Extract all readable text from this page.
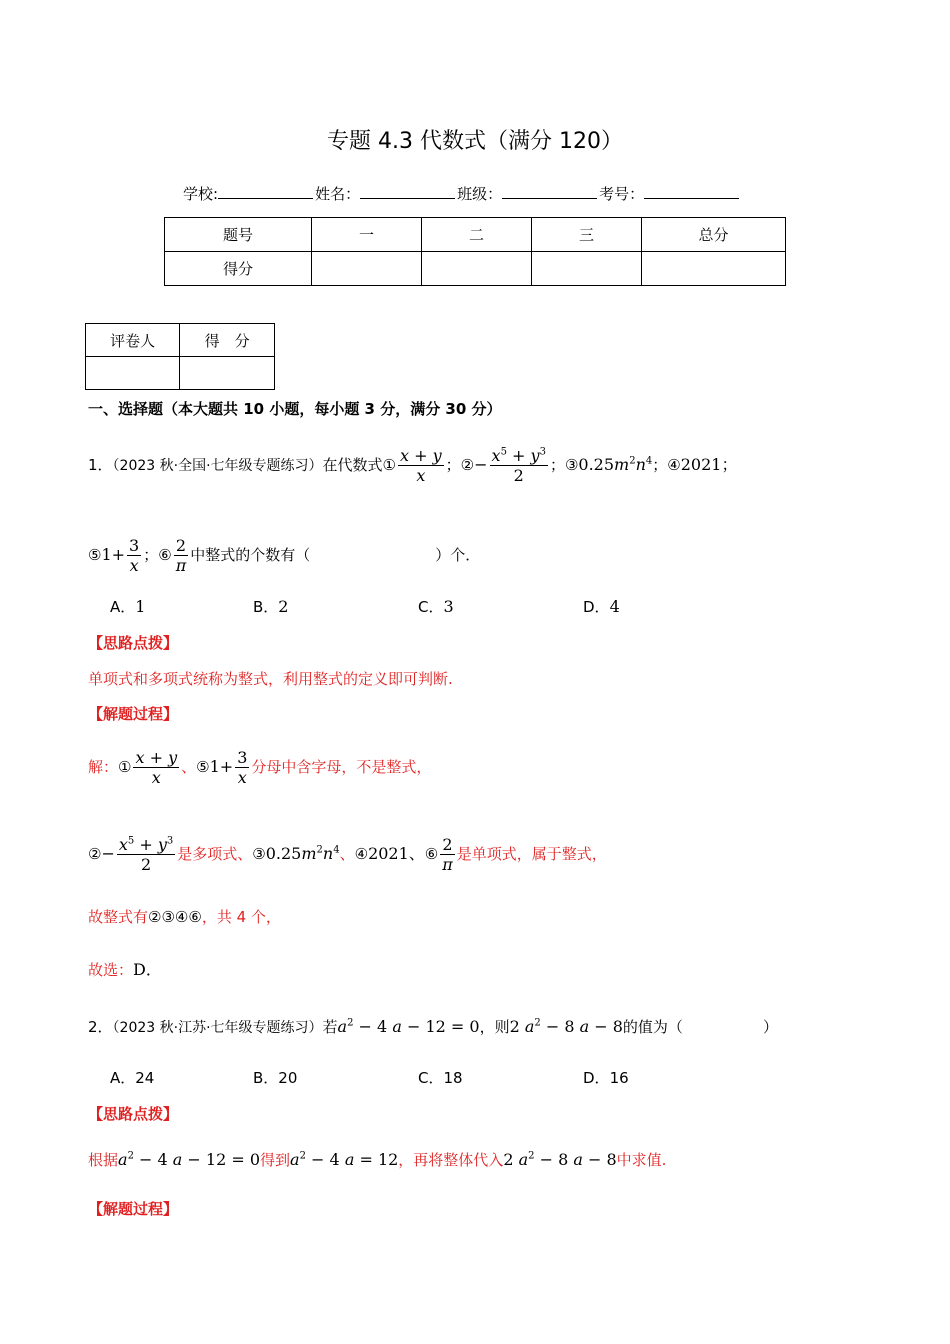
专题 4.3 代数式（满分 120）
学校:	姓名：	班级：	考号：
题号	一	二	三	总分
得分				
评卷人	得　分

一、选择题（本大题共 10 小题，每小题 3 分，满分 30 分）
1．（2023 秋·全国·七年级专题练习）在代数式① $\frac{x + y}{x}$ ；②− $\frac{x^5 + y^3}{2}$ ；$③0.25m^2n^4$；④2021；
⑤1+ $\frac{3}{x}$ ；⑥ $\frac{2}{\pi}$ 中整式的个数有（	）个．
A．1	B．2	C．3	D．4
【思路点拨】
单项式和多项式统称为整式，利用整式的定义即可判断.
【解题过程】
解：① $\frac{x + y}{x}$ 、⑤1+ $\frac{3}{x}$ 分母中含字母，不是整式，
②− $\frac{x^5 + y^3}{2}$ 是多项式、$③0.25m^2n^4$、④2021、⑥ $\frac{2}{\pi}$ 是单项式，属于整式，
故整式有②③④⑥，共 4 个，
故选：D．
2．（2023 秋·江苏·七年级专题练习）若$a^2 - 4$ a − 12 = 0，则2 $a^2 - 8$ a − 8的值为（	）
A．24	B．20	C．18	D．16
【思路点拨】
根据$a^2 - 4$ a − 12 = 0得到$a^2 - 4$ a = 12，再将整体代入2 $a^2 - 8$ a − 8中求值.
【解题过程】
